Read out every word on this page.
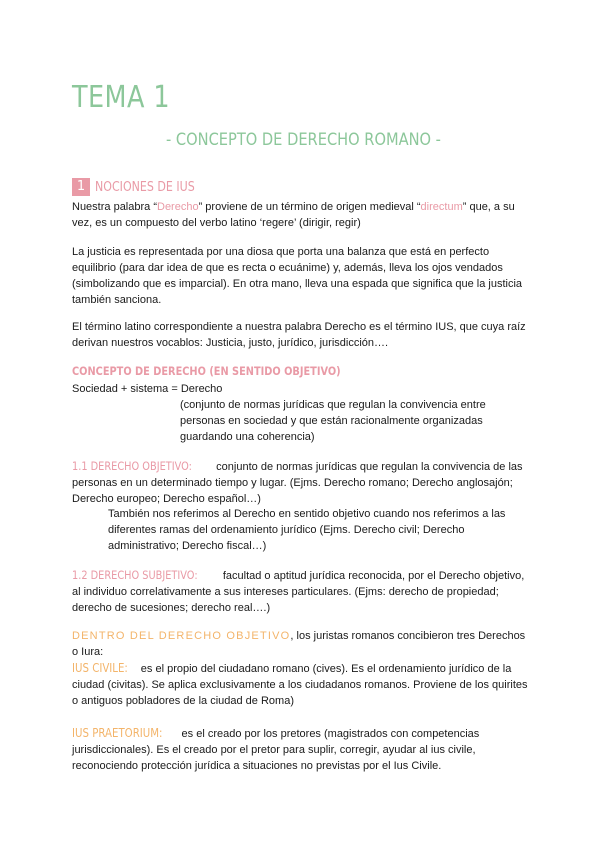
TEMA 1
- CONCEPTO DE DERECHO ROMANO -
1 NOCIONES DE IUS

Nuestra palabra “Derecho” proviene de un término de origen medieval “directum” que, a su vez, es un compuesto del verbo latino ‘regere’ (dirigir, regir)

La justicia es representada por una diosa que porta una balanza que está en perfecto equilibrio (para dar idea de que es recta o ecuánime) y, además, lleva los ojos vendados (simbolizando que es imparcial). En otra mano, lleva una espada que significa que la justicia también sanciona.

El término latino correspondiente a nuestra palabra Derecho es el término IUS, que cuya raíz derivan nuestros vocablos: Justicia, justo, jurídico, jurisdicción….

CONCEPTO DE DERECHO (EN SENTIDO OBJETIVO)

Sociedad + sistema = Derecho

(conjunto de normas jurídicas que regulan la convivencia entre personas en sociedad y que están racionalmente organizadas guardando una coherencia)

1.1 DERECHO OBJETIVO: conjunto de normas jurídicas que regulan la convivencia de las personas en un determinado tiempo y lugar. (Ejms. Derecho romano; Derecho anglosajón; Derecho europeo; Derecho español…)

También nos referimos al Derecho en sentido objetivo cuando nos referimos a las diferentes ramas del ordenamiento jurídico (Ejms. Derecho civil; Derecho administrativo; Derecho fiscal…)

1.2 DERECHO SUBJETIVO: facultad o aptitud jurídica reconocida, por el Derecho objetivo, al individuo correlativamente a sus intereses particulares. (Ejms: derecho de propiedad; derecho de sucesiones; derecho real….)

DENTRO DEL DERECHO OBJETIVO, los juristas romanos concibieron tres Derechos o Iura:

IUS CIVILE: es el propio del ciudadano romano (cives). Es el ordenamiento jurídico de la ciudad (civitas). Se aplica exclusivamente a los ciudadanos romanos. Proviene de los quirites o antiguos pobladores de la ciudad de Roma)

IUS PRAETORIUM: es el creado por los pretores (magistrados con competencias jurisdiccionales). Es el creado por el pretor para suplir, corregir, ayudar al ius civile, reconociendo protección jurídica a situaciones no previstas por el Ius Civile.
